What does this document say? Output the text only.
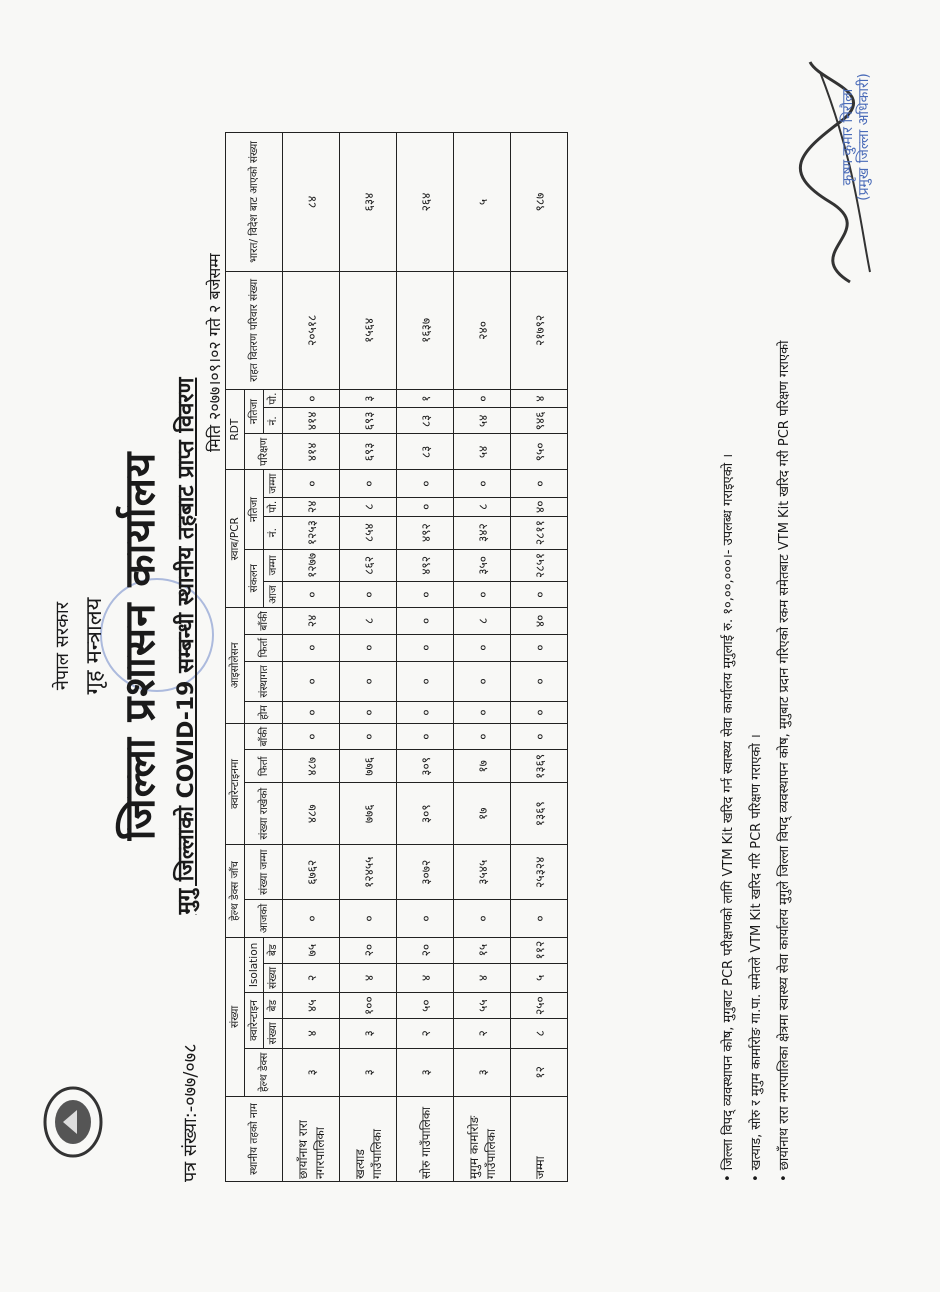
नेपाल सरकार गृह मन्त्रालय जिल्ला प्रशासन कार्यालय मुगु जिल्लाको COVID-19 सम्बन्धी स्थानीय तहबाट प्राप्त विवरण
पत्र संख्या:-०७७/०७८
मिति २०७७।०९।०२ गते २ बजेसम्म
स्थानीय तहको नाम	संख्या					हेल्थ डेक्स जाँच		क्वारेन्टाइनमा			आइसोलेसन				स्वाब/PCR					RDT			राहत वितरण परिवार संख्या	भारत/ विदेश बाट आएको संख्या
	हेल्थ डेक्स	क्वारेन्टाइन		Isolation		आजको	संख्या जम्मा	संख्या राखेको	फिर्ता	बाँकी	होम	संस्थागत	फिर्ता	बाँकी	संकलन		नतिजा			परिक्षण	नतिजा			
		संख्या	बेड	संख्या	बेड										आज	जम्मा	नं.	पो.	जम्मा		नं.	पो.		
छायाँनाथ रारा नगरपालिका	३	४	४५	२	७५	०	६७६२	४८७	४८७	०	०	०	०	२४	०	१२७७	१२५३	२४	०	४१४	४१४	०	२०५१८	८४
खत्याड गाउँपालिका	३	३	१००	४	२०	०	१२४५५	७७६	७७६	०	०	०	०	८	०	८६२	८५४	८	०	६९३	६९३	३	१५६४	६३४
सोरु गाउँपालिका	३	२	५०	४	२०	०	३०७२	३०९	३०९	०	०	०	०	०	०	४९२	४९२	०	०	८३	८३	१	१६३७	२६४
मुगुम कार्मारोङ गाउँपालिका	३	२	५५	४	१५	०	३५४५	१७	१७	०	०	०	०	८	०	३५०	३४२	८	०	५४	५४	०	२४०	५
जम्मा	१२	८	२५०	५	११२	०	२५३२४	१३६९	१३६९	०	०	०	०	४०	०	२८५१	२८११	४०	०	९५०	९४६	४	२१७९२	९८७
• जिल्ला विपद् व्यवस्थापन कोष, मुगुबाट PCR परीक्षणको लागि VTM Kit खरिद गर्न स्वास्थ्य सेवा कार्यालय मुगुलाई रु. १०,००,०००।- उपलब्ध गराइएको ।	• खत्याड, सोरु र मुगुम कार्मारोङ गा.पा. समेतले VTM Kit खरिद गरि PCR परिक्षण गराएको ।	• छायाँनाथ रारा नगरपालिका क्षेत्रमा स्वास्थ्य सेवा कार्यालय मुगुले जिल्ला विपद् व्यवस्थापन कोष, मुगुबाट प्रदान गरिएको रकम समेतबाट VTM Kit खरिद गरी PCR परिक्षण गराएको
कृष्ण कुमार निरौला (प्रमुख जिल्ला अधिकारी)
